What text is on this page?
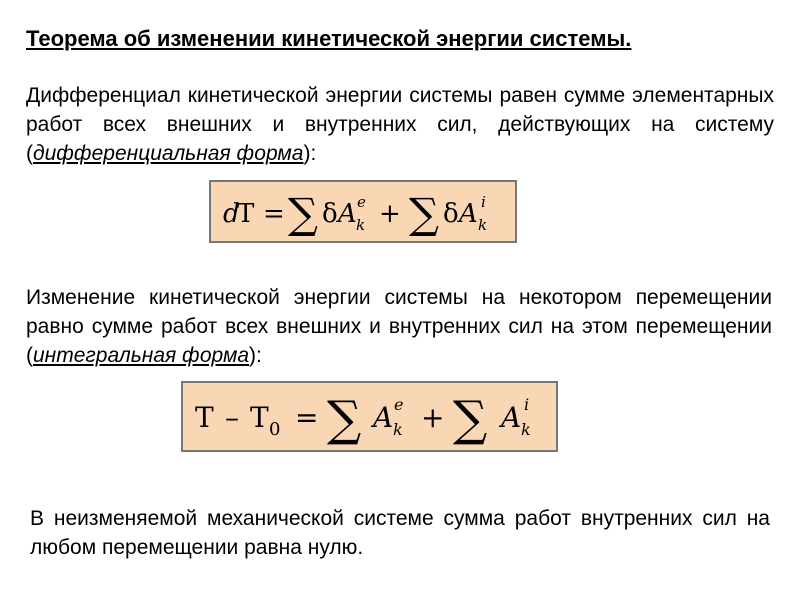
Теорема об изменении кинетической энергии системы.

Дифференциал кинетической энергии системы равен сумме элементарных работ всех внешних и внутренних сил, действующих на систему (дифференциальная форма):

d
T = ∑ δ A e
k + ∑ δ A i
k

Изменение кинетической энергии системы на некотором перемещении равно сумме работ всех внешних и внутренних сил на этом перемещении (интегральная форма):

T – T 0 = ∑ A e
k + ∑ A i
k

В неизменяемой механической системе сумма работ внутренних сил на любом перемещении равна нулю.
